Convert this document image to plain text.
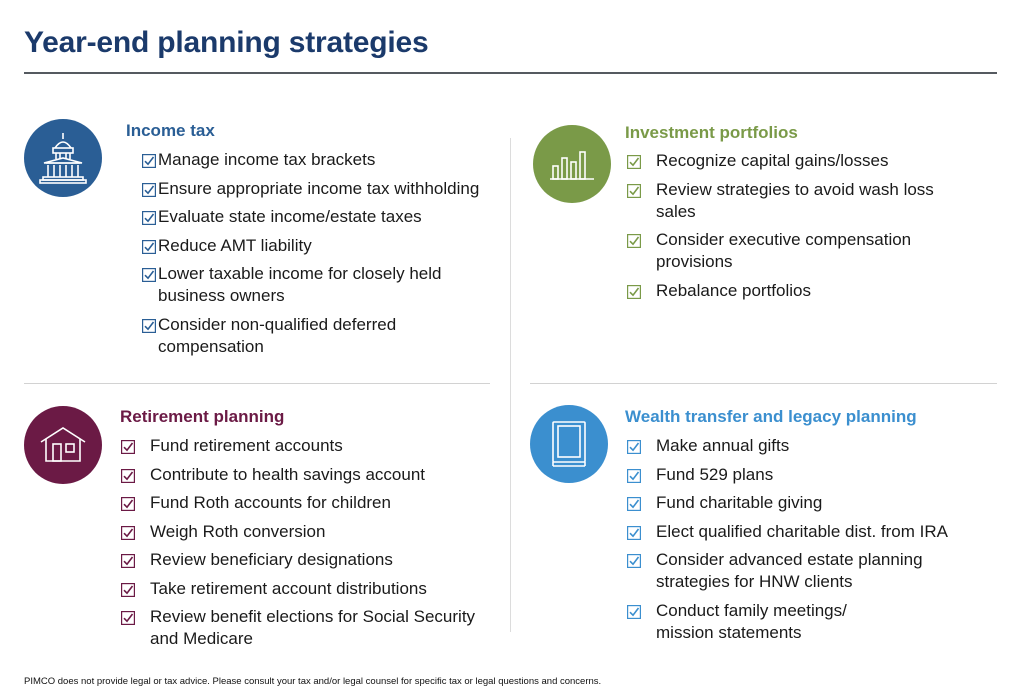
Year-end planning strategies
Income tax
Manage income tax brackets
Ensure appropriate income tax withholding
Evaluate state income/estate taxes
Reduce AMT liability
Lower taxable income for closely held business owners
Consider non-qualified deferred compensation
Investment portfolios
Recognize capital gains/losses
Review strategies to avoid wash loss sales
Consider executive compensation provisions
Rebalance portfolios
Retirement planning
Fund retirement accounts
Contribute to health savings account
Fund Roth accounts for children
Weigh Roth conversion
Review beneficiary designations
Take retirement account distributions
Review benefit elections for Social Security and Medicare
Wealth transfer and legacy planning
Make annual gifts
Fund 529 plans
Fund charitable giving
Elect qualified charitable dist. from IRA
Consider advanced estate planning strategies for HNW clients
Conduct family meetings/ mission statements
PIMCO does not provide legal or tax advice. Please consult your tax and/or legal counsel for specific tax or legal questions and concerns.
